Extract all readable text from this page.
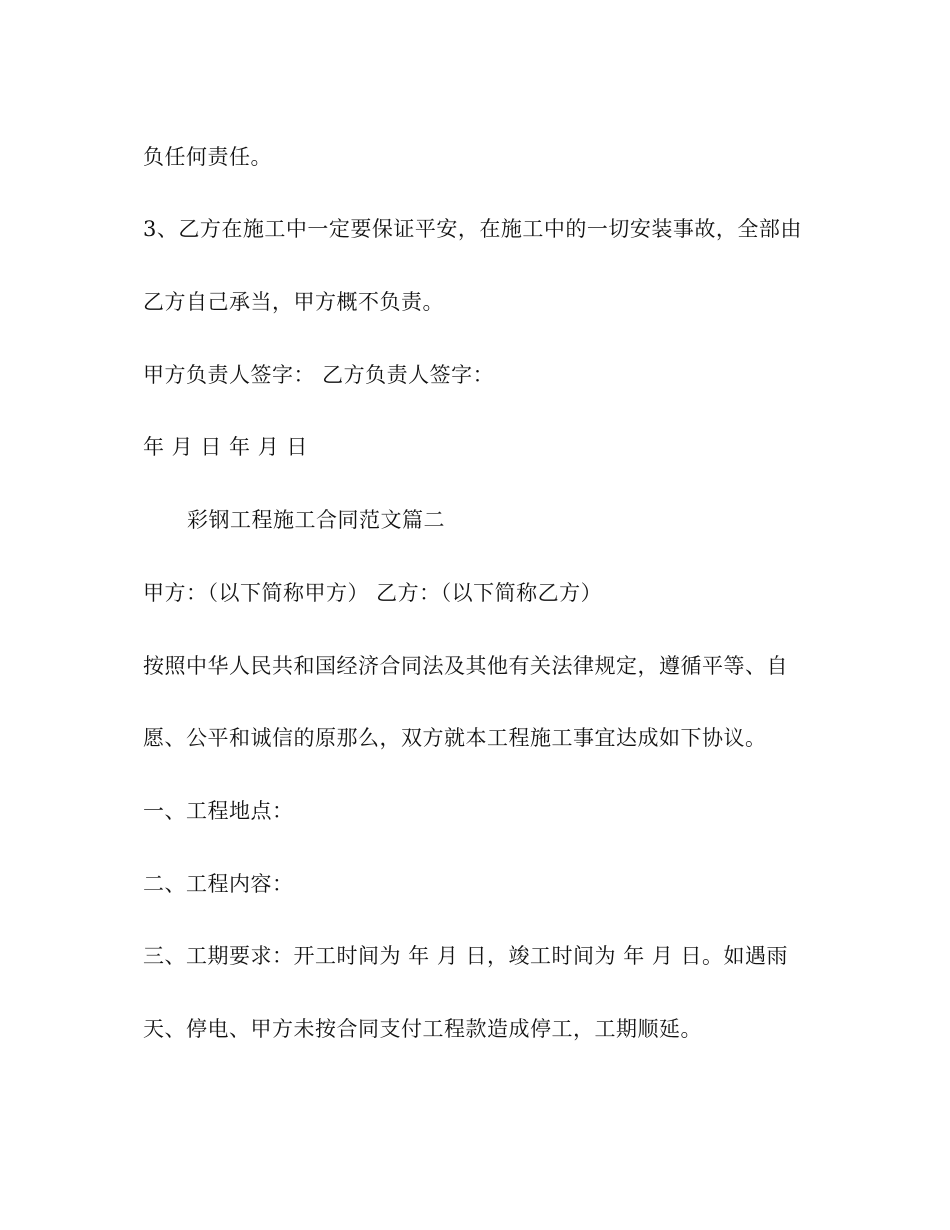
负任何责任。
3、乙方在施工中一定要保证平安，在施工中的一切安装事故，全部由
乙方自己承当，甲方概不负责。
甲方负责人签字： 乙方负责人签字：
年 月 日 年 月 日
彩钢工程施工合同范文篇二
甲方：（以下简称甲方） 乙方：（以下简称乙方）
按照中华人民共和国经济合同法及其他有关法律规定，遵循平等、自
愿、公平和诚信的原那么，双方就本工程施工事宜达成如下协议。
一、工程地点：
二、工程内容：
三、工期要求：开工时间为 年 月 日，竣工时间为 年 月 日。如遇雨
天、停电、甲方未按合同支付工程款造成停工，工期顺延。
